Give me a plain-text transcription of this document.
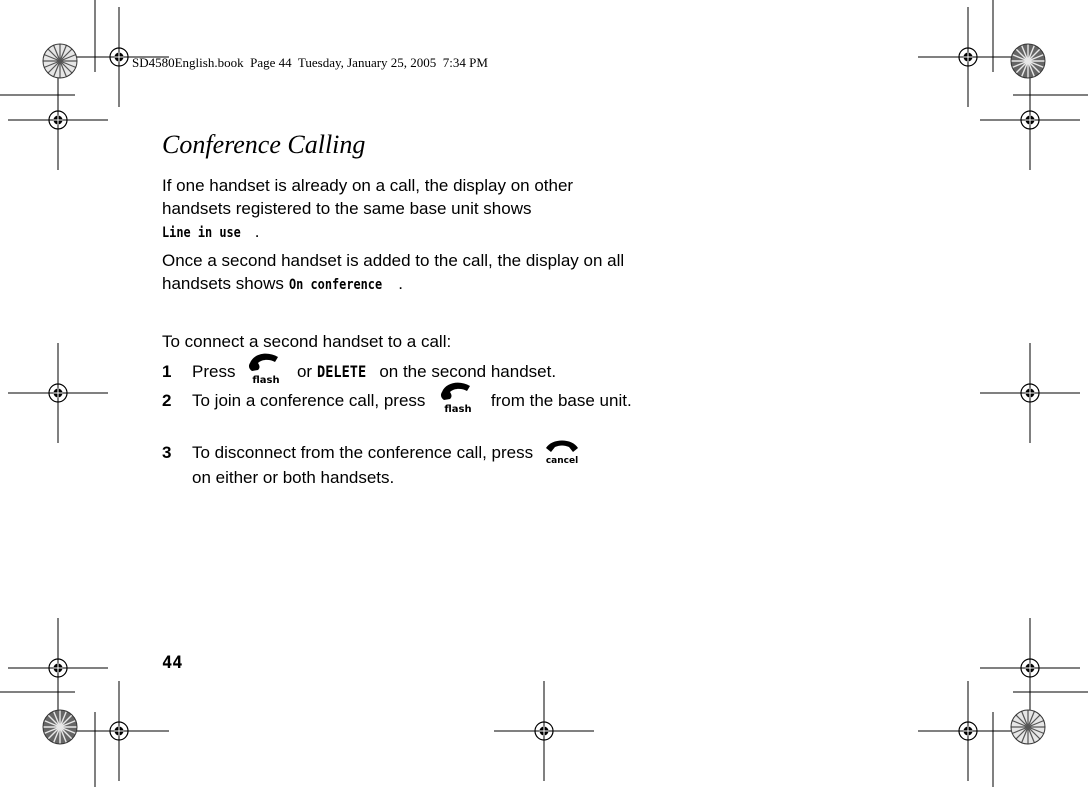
SD4580English.book  Page 44  Tuesday, January 25, 2005  7:34 PM
Conference Calling

If one handset is already on a call, the display on other handsets registered to the same base unit shows
Line in use .

Once a second handset is added to the call, the display on all handsets shows On conference .

To connect a second handset to a call:

1 Press flash or DELETE on the second handset.
2 To join a conference call, press flash from the base unit.
3 To disconnect from the conference call, press cancel

on either or both handsets.
44
